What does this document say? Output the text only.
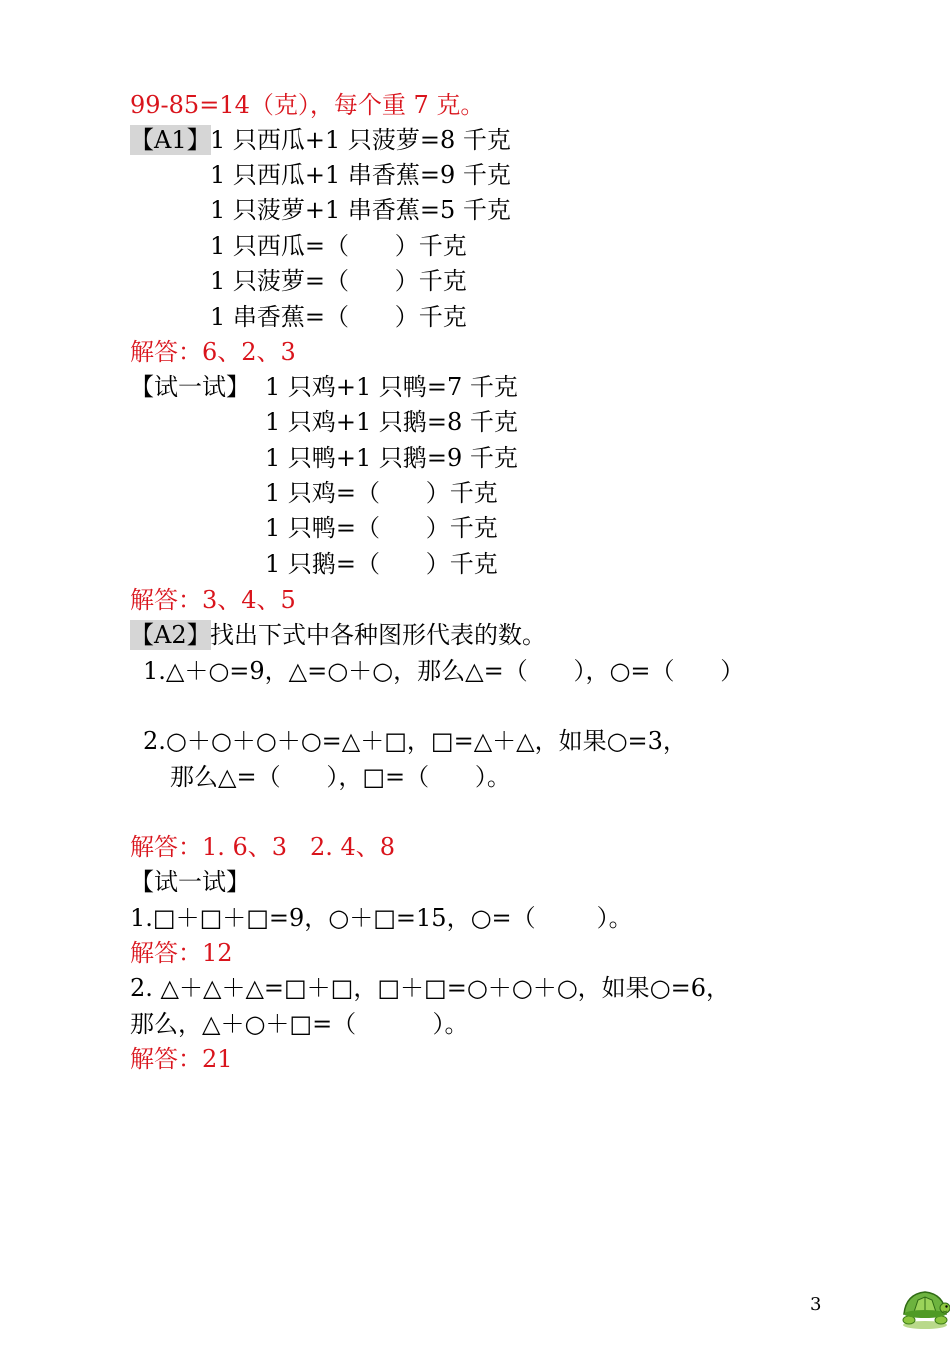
99-85=14（克），每个重 7 克。
【A1】 1 只西瓜+1 只菠萝=8 千克
1 只西瓜+1 串香蕉=9 千克
1 只菠萝+1 串香蕉=5 千克
1 只西瓜=（      ）千克
1 只菠萝=（      ）千克
1 串香蕉=（      ）千克
解答：6、2、3
【试一试】 1 只鸡+1 只鸭=7 千克
1 只鸡+1 只鹅=8 千克
1 只鸭+1 只鹅=9 千克
1 只鸡=（      ）千克
1 只鸭=（      ）千克
1 只鹅=（      ）千克
解答：3、4、5
【A2】 找出下式中各种图形代表的数。
1.△＋○=9，△=○＋○，那么△=（      ），○=（      ）
2.○＋○＋○＋○=△＋□，□=△＋△，如果○=3，
那么△=（      ），□=（      ）。
解答：1. 6、3   2. 4、8
【试一试】
1.□＋□＋□=9，○＋□=15，○=（        ）。
解答：12
2. △＋△＋△=□＋□，□＋□=○＋○＋○，如果○=6，
那么，△＋○＋□=（          ）。
解答：21
3
